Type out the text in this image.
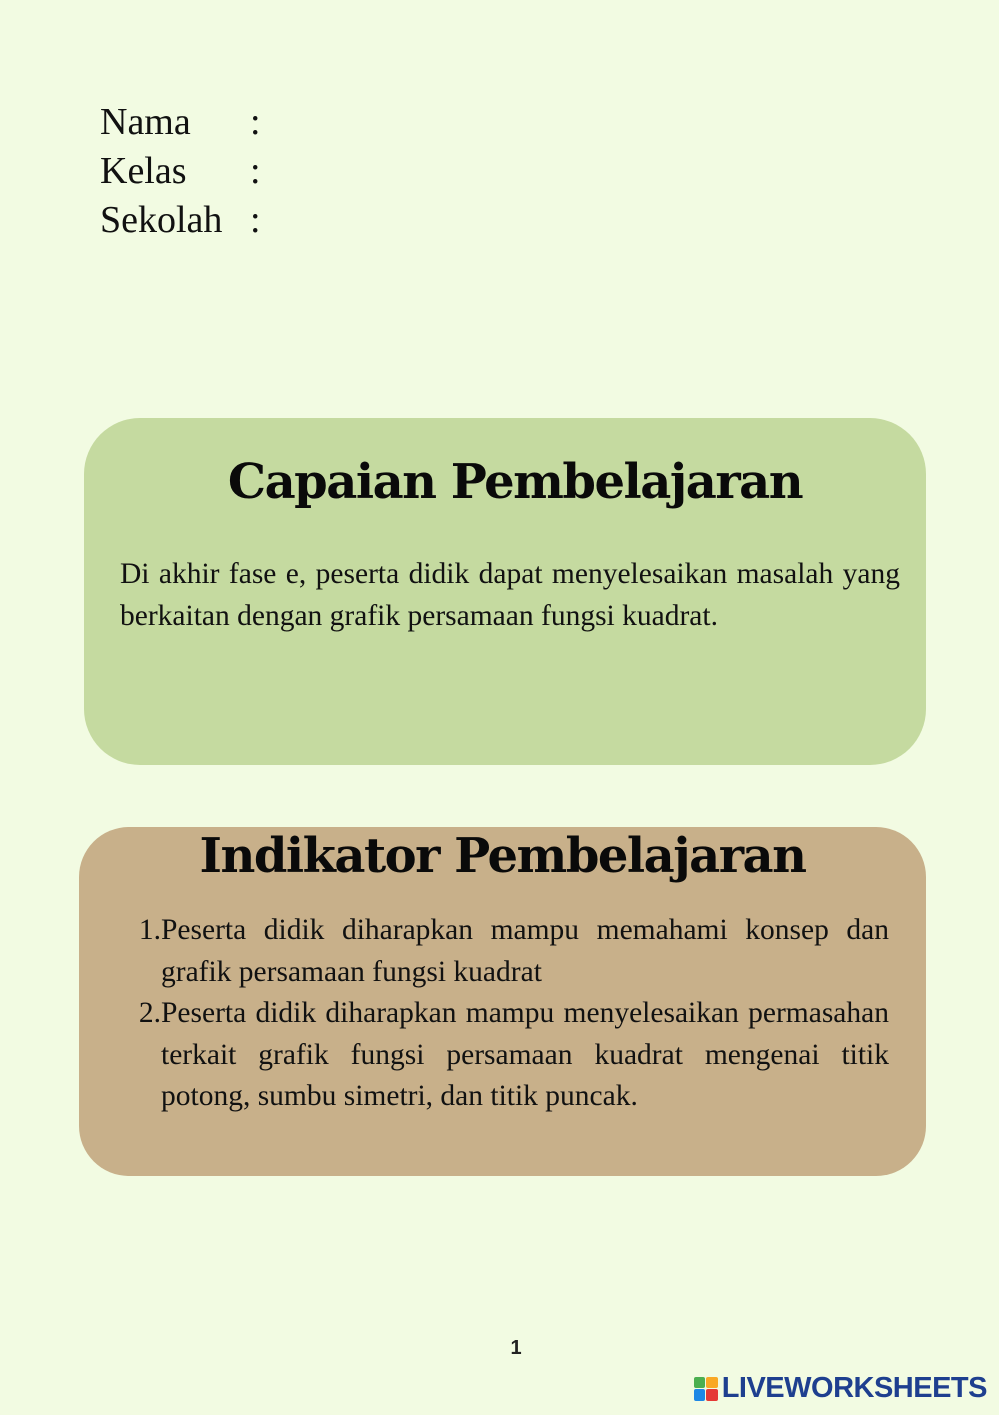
Nama	:
Kelas	:
Sekolah :
Capaian Pembelajaran
Di akhir fase e, peserta didik dapat menyelesaikan masalah yang berkaitan dengan grafik persamaan fungsi kuadrat.
Indikator Pembelajaran
1. Peserta didik diharapkan mampu memahami konsep dan grafik persamaan fungsi kuadrat
2. Peserta didik diharapkan mampu menyelesaikan permasahan terkait grafik fungsi persamaan kuadrat mengenai titik potong, sumbu simetri, dan titik puncak.
1
LIVEWORKSHEETS
